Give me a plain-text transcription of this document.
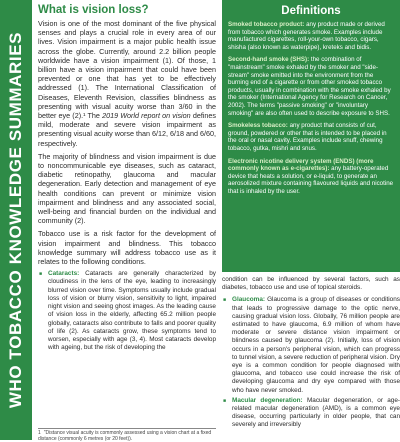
WHO TOBACCO KNOWLEDGE SUMMARIES
What is vision loss?

Vision is one of the most dominant of the five physical senses and plays a crucial role in every area of our lives. Vision impairment is a major public health issue across the globe. Currently, around 2.2 billion people worldwide have a vision impairment (1). Of those, 1 billion have a vision impairment that could have been prevented or one that has yet to be effectively addressed (1). The International Classification of Diseases, Eleventh Revision, classifies blindness as presenting with visual acuity worse than 3/60 in the better eye (2).¹ The 2019 World report on vision defines mild, moderate and severe vision impairment as presenting visual acuity worse than 6/12, 6/18 and 6/60, respectively.

The majority of blindness and vision impairment is due to noncommunicable eye diseases, such as cataract, diabetic retinopathy, glaucoma and macular degeneration. Early detection and management of eye health conditions can prevent or minimize vision impairment and blindness and any associated social, well-being and financial burden on the individual and community (2).

Tobacco use is a risk factor for the development of vision impairment and blindness. This tobacco knowledge summary will address tobacco use as it relates to the following conditions.

■ Cataracts: Cataracts are generally characterized by cloudiness in the lens of the eye, leading to increasingly blurred vision over time. Symptoms usually include gradual loss of vision or blurry vision, sensitivity to light, impaired night vision and seeing ghost images. As the leading cause of vision loss in the elderly, affecting 65.2 million people globally, cataracts also contribute to falls and poorer quality of life (2). As cataracts grow, these symptoms tend to worsen, especially with age (3, 4). Most cataracts develop with ageing, but the risk of developing the
1 "Distance visual acuity is commonly assessed using a vision chart at a fixed distance (commonly 6 metres (or 20 feet)).
Definitions

Smoked tobacco product: any product made or derived from tobacco which generates smoke. Examples include manufactured cigarettes, roll-your-own tobacco, cigars, shisha (also known as waterpipe), kreteks and bidis.

Second-hand smoke (SHS): the combination of "mainstream" smoke exhaled by the smoker and "side-stream" smoke emitted into the environment from the burning end of a cigarette or from other smoked tobacco products, usually in combination with the smoke exhaled by the smoker (International Agency for Research on Cancer, 2002). The terms "passive smoking" or "involuntary smoking" are also often used to describe exposure to SHS.

Smokeless tobacco: any product that consists of cut, ground, powdered or other that is intended to be placed in the oral or nasal cavity. Examples include snuff, chewing tobacco, gutka, mishri and snus.

Electronic nicotine delivery system (ENDS) (more commonly known as e-cigarettes): any battery-operated device that heats a solution, or e-liquid, to generate an aerosolized mixture containing flavoured liquids and nicotine that is inhaled by the user.

condition can be influenced by several factors, such as diabetes, tobacco use and use of topical steroids.

■ Glaucoma: Glaucoma is a group of diseases or conditions that leads to progressive damage to the optic nerve, causing gradual vision loss. Globally, 76 million people are estimated to have glaucoma, 6.9 million of whom have moderate or severe distance vision impairment or blindness caused by glaucoma (2). Initially, loss of vision occurs in a person's peripheral vision, which can progress to tunnel vision, a severe reduction of peripheral vision. Dry eye is a common condition for people diagnosed with glaucoma, and tobacco use could increase the risk of developing glaucoma and dry eye compared with those who have never smoked.
■ Macular degeneration: Macular degeneration, or age-related macular degeneration (AMD), is a common eye disease, occurring particularly in older people, that can severely and irreversibly
